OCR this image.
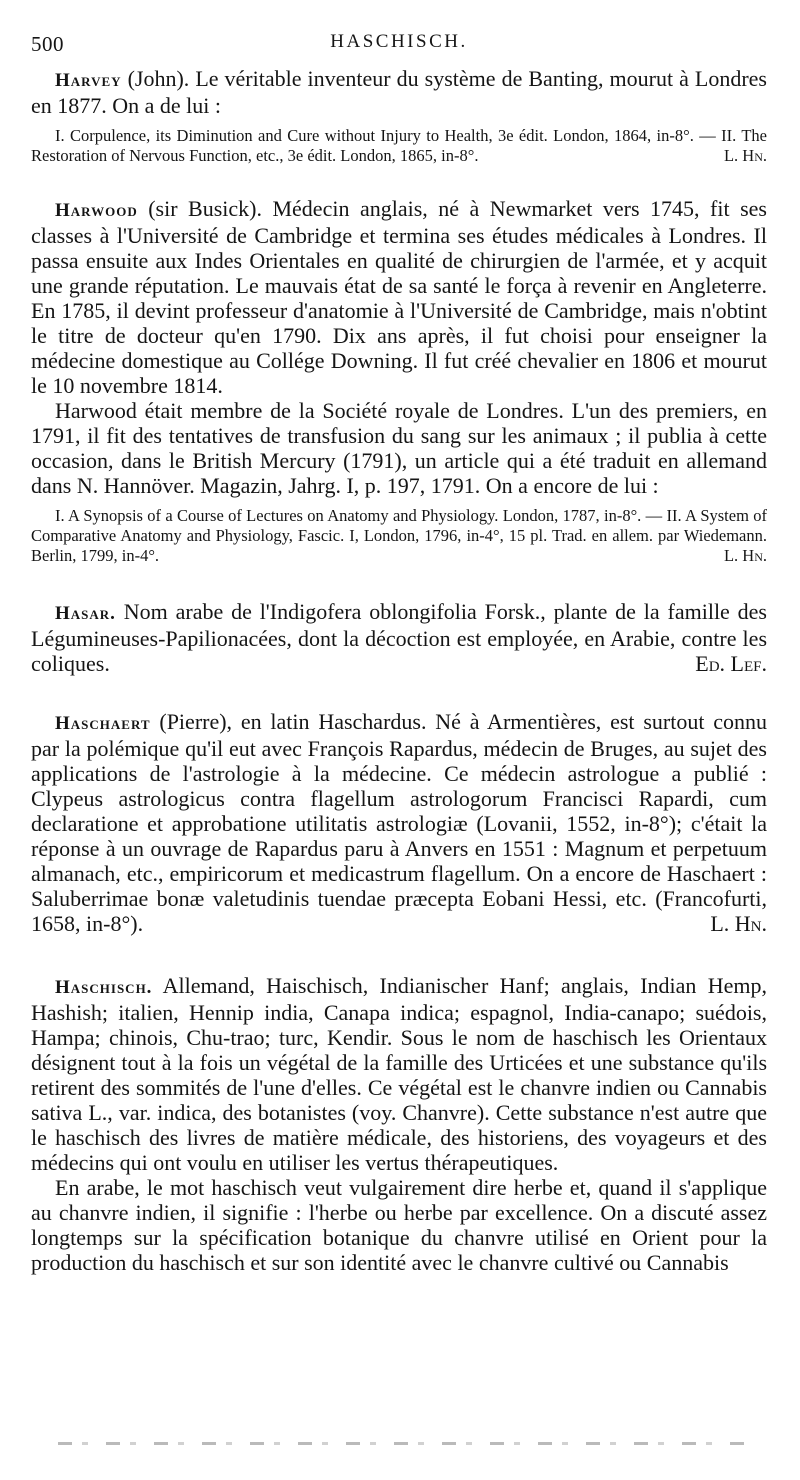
500	HASCHISCH.

Harvey (John). Le véritable inventeur du système de Banting, mourut à Londres en 1877. On a de lui :

I. Corpulence, its Diminution and Cure without Injury to Health, 3e édit. London, 1864, in-8°. — II. The Restoration of Nervous Function, etc., 3e édit. London, 1865, in-8°.	L. Hn.

Harwood (sir Busick). Médecin anglais, né à Newmarket vers 1745, fit ses classes à l'Université de Cambridge et termina ses études médicales à Londres. Il passa ensuite aux Indes Orientales en qualité de chirurgien de l'armée, et y acquit une grande réputation. Le mauvais état de sa santé le força à revenir en Angleterre. En 1785, il devint professeur d'anatomie à l'Université de Cambridge, mais n'obtint le titre de docteur qu'en 1790. Dix ans après, il fut choisi pour enseigner la médecine domestique au Collége Downing. Il fut créé chevalier en 1806 et mourut le 10 novembre 1814.

Harwood était membre de la Société royale de Londres. L'un des premiers, en 1791, il fit des tentatives de transfusion du sang sur les animaux ; il publia à cette occasion, dans le British Mercury (1791), un article qui a été traduit en allemand dans N. Hannöver. Magazin, Jahrg. I, p. 197, 1791. On a encore de lui :

I. A Synopsis of a Course of Lectures on Anatomy and Physiology. London, 1787, in-8°. — II. A System of Comparative Anatomy and Physiology, Fascic. I, London, 1796, in-4°, 15 pl. Trad. en allem. par Wiedemann. Berlin, 1799, in-4°.	L. Hn.

Hasar. Nom arabe de l'Indigofera oblongifolia Forsk., plante de la famille des Légumineuses-Papilionacées, dont la décoction est employée, en Arabie, contre les coliques.	Ed. Lef.

Haschaert (Pierre), en latin Haschardus. Né à Armentières, est surtout connu par la polémique qu'il eut avec François Rapardus, médecin de Bruges, au sujet des applications de l'astrologie à la médecine. Ce médecin astrologue a publié : Clypeus astrologicus contra flagellum astrologorum Francisci Rapardi, cum declaratione et approbatione utilitatis astrologiæ (Lovanii, 1552, in-8°); c'était la réponse à un ouvrage de Rapardus paru à Anvers en 1551 : Magnum et perpetuum almanach, etc., empiricorum et medicastrum flagellum. On a encore de Haschaert : Saluberrimae bonæ valetudinis tuendae præcepta Eobani Hessi, etc. (Francofurti, 1658, in-8°).	L. Hn.

Haschisch. Allemand, Haischisch, Indianischer Hanf; anglais, Indian Hemp, Hashish; italien, Hennip india, Canapa indica; espagnol, India-canapo; suédois, Hampa; chinois, Chu-trao; turc, Kendir. Sous le nom de haschisch les Orientaux désignent tout à la fois un végétal de la famille des Urticées et une substance qu'ils retirent des sommités de l'une d'elles. Ce végétal est le chanvre indien ou Cannabis sativa L., var. indica, des botanistes (voy. Chanvre). Cette substance n'est autre que le haschisch des livres de matière médicale, des historiens, des voyageurs et des médecins qui ont voulu en utiliser les vertus thérapeutiques.

En arabe, le mot haschisch veut vulgairement dire herbe et, quand il s'applique au chanvre indien, il signifie : l'herbe ou herbe par excellence. On a discuté assez longtemps sur la spécification botanique du chanvre utilisé en Orient pour la production du haschisch et sur son identité avec le chanvre cultivé ou Cannabis
